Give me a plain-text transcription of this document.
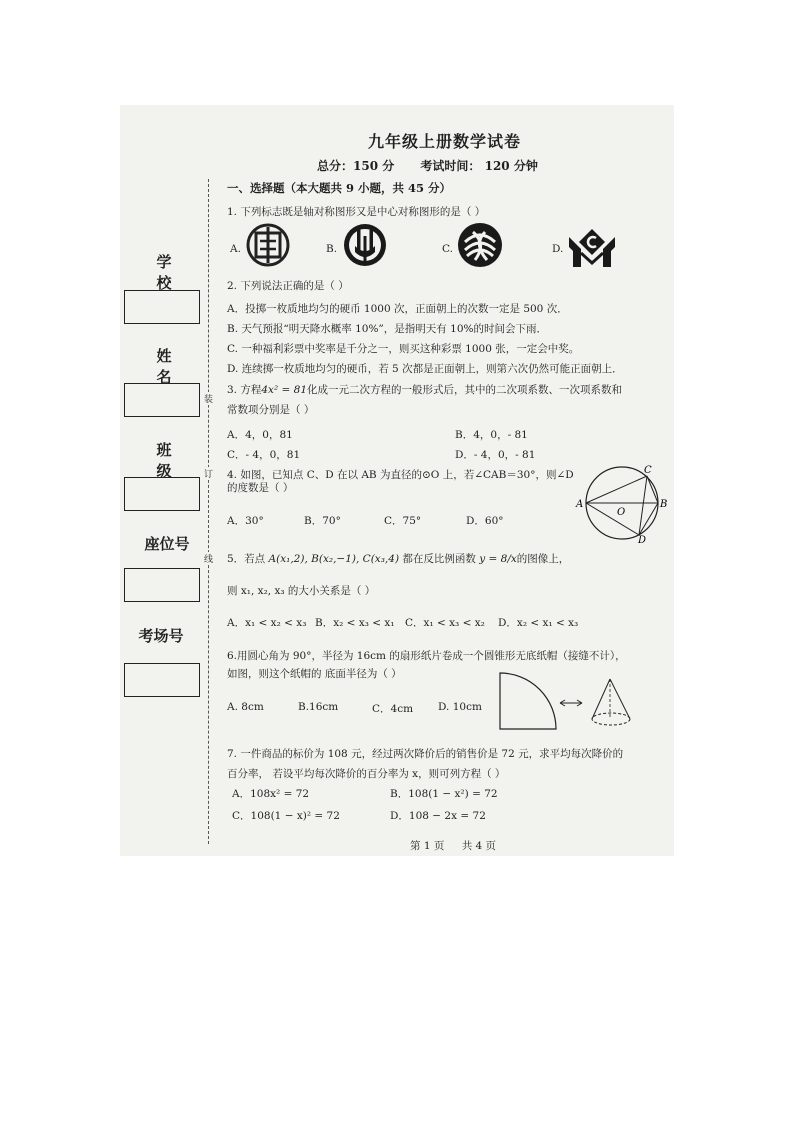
九年级上册数学试卷
总分：150 分 考试时间： 120 分钟
学 校
姓 名
班 级
座位号
考场号
装
订
线
一、选择题（本大题共 9 小题，共 45 分）
1. 下列标志既是轴对称图形又是中心对称图形的是（ ）
A.	B.	C.	D.
2. 下列说法正确的是（ ）
A．投掷一枚质地均匀的硬币 1000 次，正面朝上的次数一定是 500 次．
B. 天气预报“明天降水概率 10%”，是指明天有 10%的时间会下雨．
C. 一种福利彩票中奖率是千分之一，则买这种彩票 1000 张，一定会中奖。
D. 连续掷一枚质地均匀的硬币，若 5 次都是正面朝上，则第六次仍然可能正面朝上．
3. 方程4x² = 81化成一元二次方程的一般形式后，其中的二次项系数、一次项系数和
常数项分别是（ ）
A．4，0，81	B．4，0，- 81
C．- 4，0，81	D．- 4，0，- 81
4. 如图，已知点 C、D 在以 AB 为直径的⊙O 上，若∠CAB＝30°，则∠D
的度数是（ ）
A．30°	B．70°	C．75°	D．60°
A	B
C
D
O
5．若点 A(x₁,2), B(x₂,−1), C(x₃,4) 都在反比例函数 y = 8/x的图像上，
则 x₁, x₂, x₃ 的大小关系是（ ）
A．x₁ < x₂ < x₃ B．x₂ < x₃ < x₁ C．x₁ < x₃ < x₂ D．x₂ < x₁ < x₃
6.用圆心角为 90°，半径为 16cm 的扇形纸片卷成一个圆锥形无底纸帽（接缝不计），
如图，则这个纸帽的 底面半径为（ ）
A. 8cm	B.16cm	C．4cm D. 10cm
7. 一件商品的标价为 108 元，经过两次降价后的销售价是 72 元，求平均每次降价的
百分率， 若设平均每次降价的百分率为 x，则可列方程（ ）
A．108x² = 72	B．108(1 − x²) = 72
C．108(1 − x)² = 72	D．108 − 2x = 72
第 1 页 共 4 页
